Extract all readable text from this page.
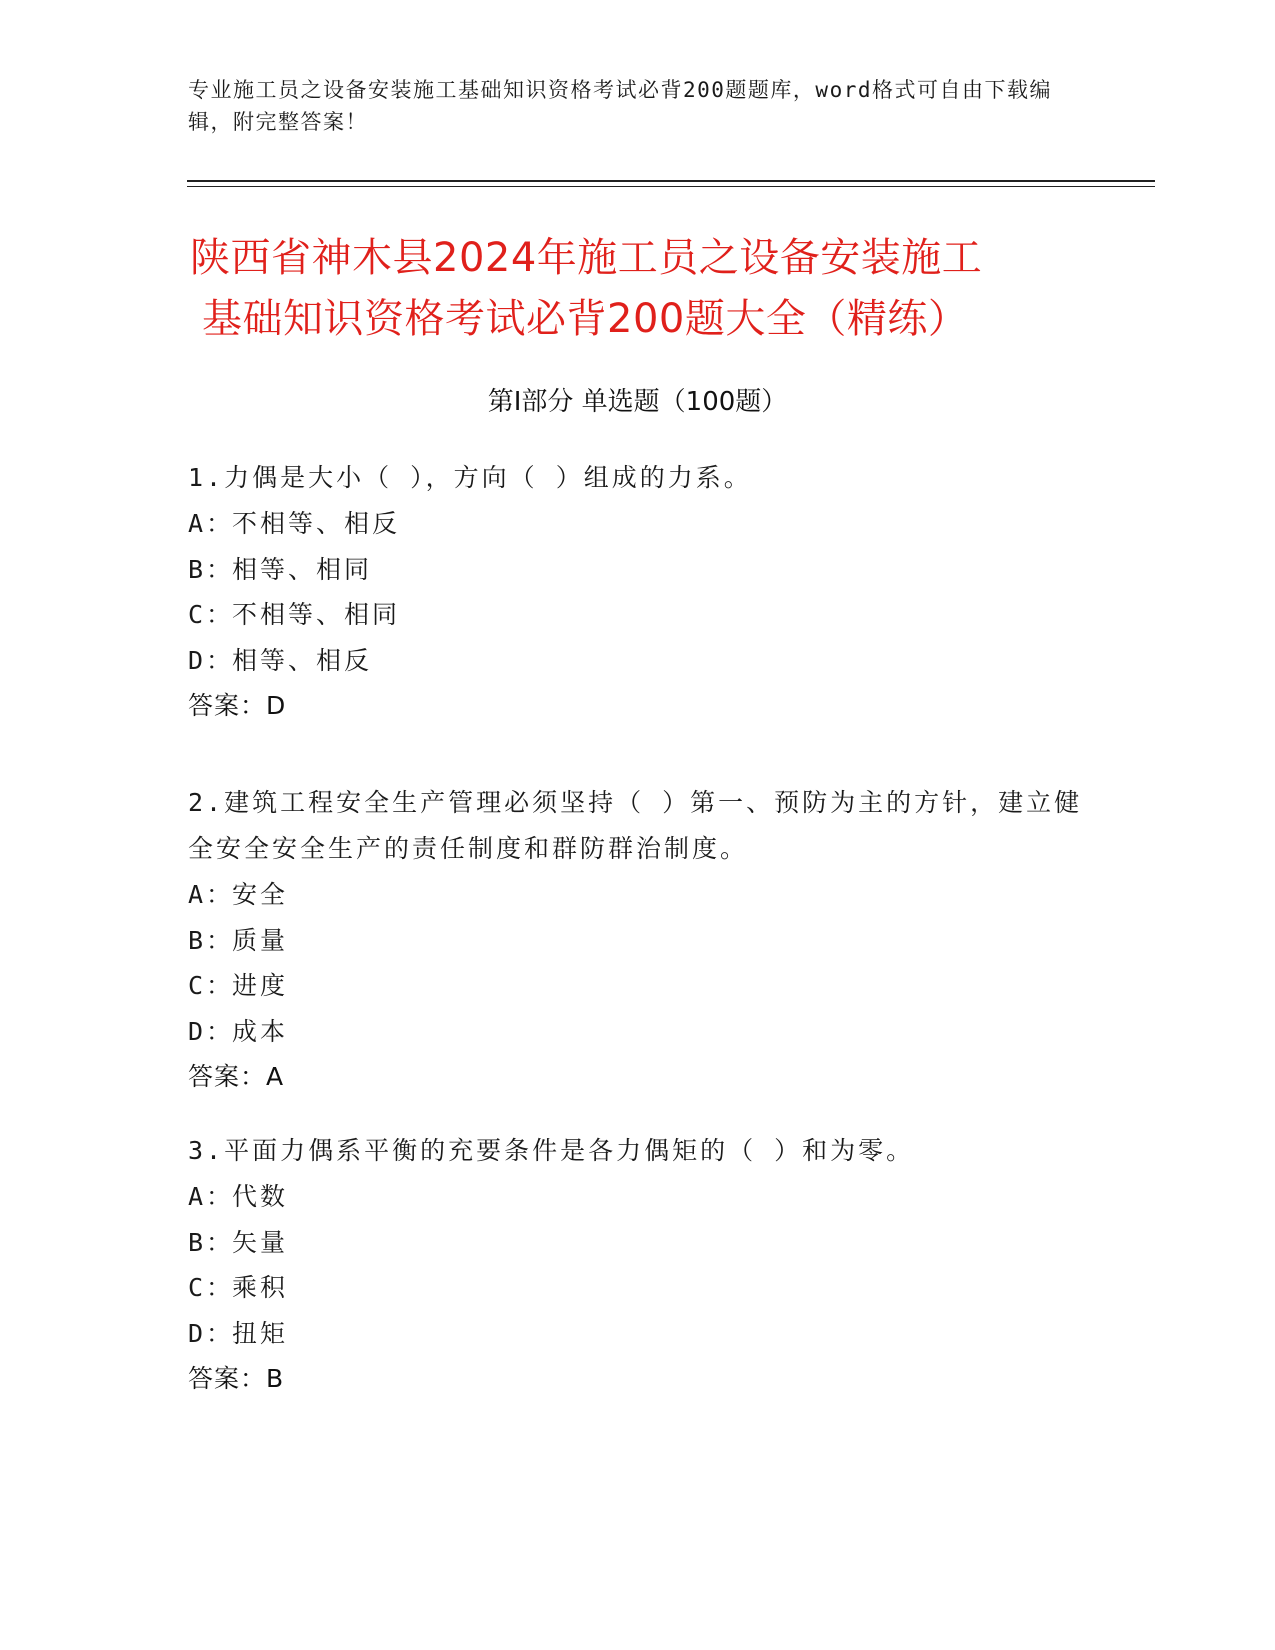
专业施工员之设备安装施工基础知识资格考试必背200题题库，word格式可自由下载编辑，附完整答案！
陕西省神木县2024年施工员之设备安装施工
基础知识资格考试必背200题大全（精练）
第Ⅰ部分 单选题（100题）
1.力偶是大小（ ），方向（ ）组成的力系。
A：不相等、相反
B：相等、相同
C：不相等、相同
D：相等、相反
答案：D
2.建筑工程安全生产管理必须坚持（ ）第一、预防为主的方针，建立健全安全安全生产的责任制度和群防群治制度。
A：安全
B：质量
C：进度
D：成本
答案：A
3.平面力偶系平衡的充要条件是各力偶矩的（ ）和为零。
A：代数
B：矢量
C：乘积
D：扭矩
答案：B
